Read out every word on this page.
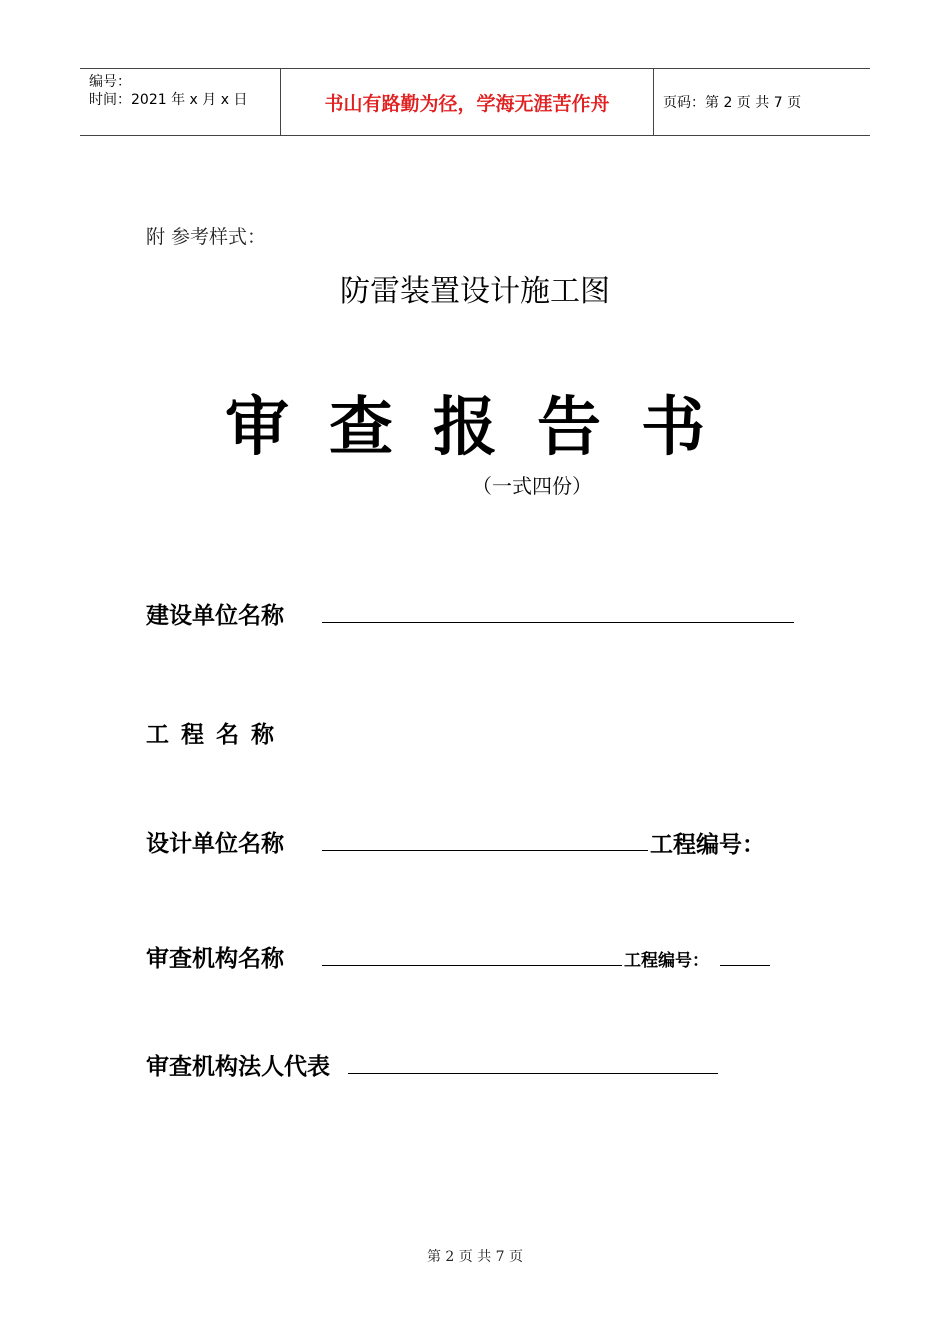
编号：
时间：2021 年 x 月 x 日	书山有路勤为径，学海无涯苦作舟	页码：第 2 页 共 7 页
附 参考样式：
防雷装置设计施工图
审查报告书
（一式四份）
建设单位名称
工 程 名 称
设计单位名称	工程编号：
审查机构名称	工程编号：
审查机构法人代表
第 2 页 共 7 页
